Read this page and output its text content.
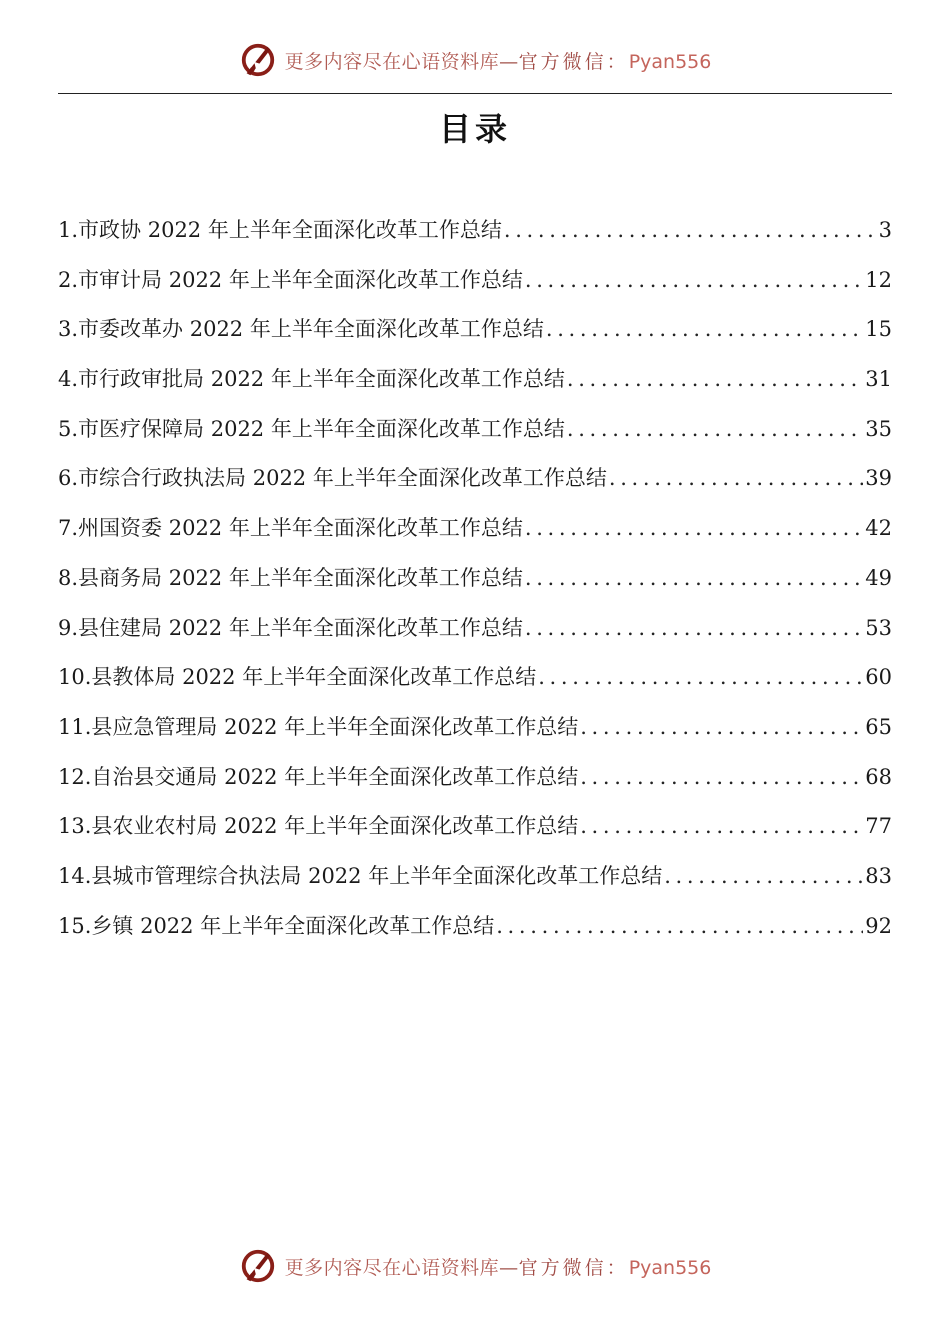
更多内容尽在心语资料库—官方微信：Pyan556
目录
1. 市政协 2022 年上半年全面深化改革工作总结 . . .	3
2. 市审计局 2022 年上半年全面深化改革工作总结 . . .	12
3. 市委改革办 2022 年上半年全面深化改革工作总结 . . .	15
4. 市行政审批局 2022 年上半年全面深化改革工作总结 . . .	31
5. 市医疗保障局 2022 年上半年全面深化改革工作总结 . . .	35
6. 市综合行政执法局 2022 年上半年全面深化改革工作总结 . . .	39
7. 州国资委 2022 年上半年全面深化改革工作总结 . . .	42
8. 县商务局 2022 年上半年全面深化改革工作总结 . . .	49
9. 县住建局 2022 年上半年全面深化改革工作总结 . . .	53
10. 县教体局 2022 年上半年全面深化改革工作总结 . . .	60
11. 县应急管理局 2022 年上半年全面深化改革工作总结 . . .	65
12. 自治县交通局 2022 年上半年全面深化改革工作总结 . . .	68
13. 县农业农村局 2022 年上半年全面深化改革工作总结 . . .	77
14. 县城市管理综合执法局 2022 年上半年全面深化改革工作总结 . . .	83
15. 乡镇 2022 年上半年全面深化改革工作总结 . . .	92
更多内容尽在心语资料库—官方微信：Pyan556
